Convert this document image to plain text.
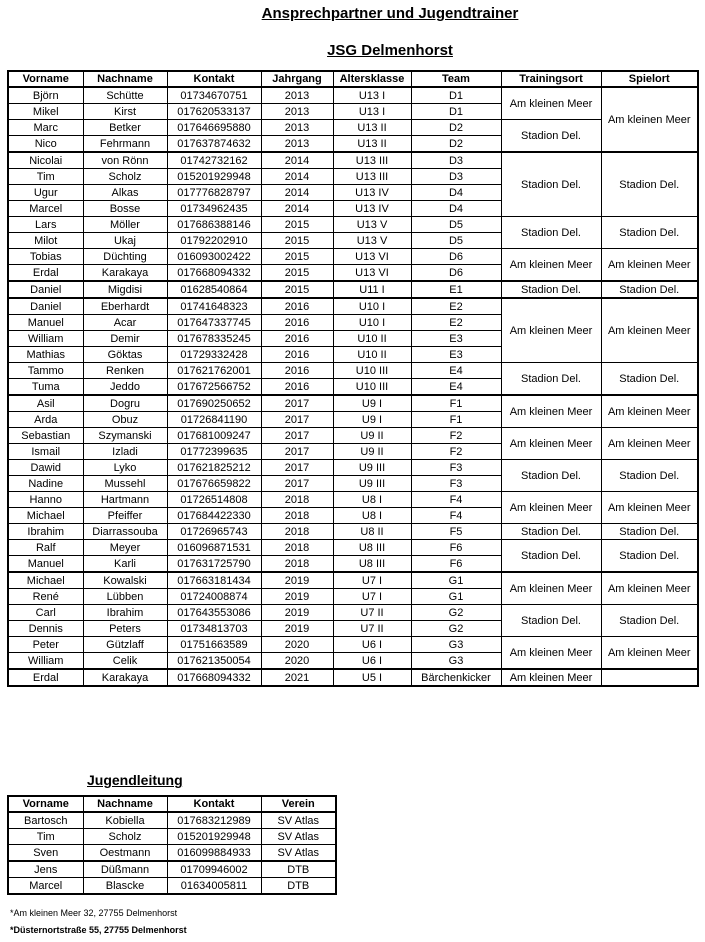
Ansprechpartner und Jugendtrainer
JSG Delmenhorst
Vorname	Nachname	Kontakt	Jahrgang	Altersklasse	Team	Trainingsort	Spielort
Björn	Schütte	01734670751	2013	U13 I	D1	Am kleinen Meer	Am kleinen Meer
Mikel	Kirst	017620533137	2013	U13 I	D1		
Marc	Betker	017646695880	2013	U13 II	D2	Stadion Del.	
Nico	Fehrmann	017637874632	2013	U13 II	D2		
Nicolai	von Rönn	01742732162	2014	U13 III	D3	Stadion Del.	Stadion Del.
Tim	Scholz	015201929948	2014	U13 III	D3		
Ugur	Alkas	017776828797	2014	U13 IV	D4		
Marcel	Bosse	01734962435	2014	U13 IV	D4		
Lars	Möller	017686388146	2015	U13 V	D5	Stadion Del.	Stadion Del.
Milot	Ukaj	01792202910	2015	U13 V	D5		
Tobias	Düchting	016093002422	2015	U13 VI	D6	Am kleinen Meer	Am kleinen Meer
Erdal	Karakaya	017668094332	2015	U13 VI	D6		
Daniel	Migdisi	01628540864	2015	U11 I	E1	Stadion Del.	Stadion Del.
Daniel	Eberhardt	01741648323	2016	U10 I	E2	Am kleinen Meer	Am kleinen Meer
Manuel	Acar	017647337745	2016	U10 I	E2		
William	Demir	017678335245	2016	U10 II	E3		
Mathias	Göktas	01729332428	2016	U10 II	E3		
Tammo	Renken	017621762001	2016	U10 III	E4	Stadion Del.	Stadion Del.
Tuma	Jeddo	017672566752	2016	U10 III	E4		
Asil	Dogru	017690250652	2017	U9 I	F1	Am kleinen Meer	Am kleinen Meer
Arda	Obuz	01726841190	2017	U9 I	F1		
Sebastian	Szymanski	017681009247	2017	U9 II	F2	Am kleinen Meer	Am kleinen Meer
Ismail	Izladi	01772399635	2017	U9 II	F2		
Dawid	Lyko	017621825212	2017	U9 III	F3	Stadion Del.	Stadion Del.
Nadine	Mussehl	017676659822	2017	U9 III	F3		
Hanno	Hartmann	01726514808	2018	U8 I	F4	Am kleinen Meer	Am kleinen Meer
Michael	Pfeiffer	017684422330	2018	U8 I	F4		
Ibrahim	Diarrassouba	01726965743	2018	U8 II	F5	Stadion Del.	Stadion Del.
Ralf	Meyer	016096871531	2018	U8 III	F6	Stadion Del.	Stadion Del.
Manuel	Karli	017631725790	2018	U8 III	F6		
Michael	Kowalski	017663181434	2019	U7 I	G1	Am kleinen Meer	Am kleinen Meer
René	Lübben	01724008874	2019	U7 I	G1		
Carl	Ibrahim	017643553086	2019	U7 II	G2	Stadion Del.	Stadion Del.
Dennis	Peters	01734813703	2019	U7 II	G2		
Peter	Gützlaff	01751663589	2020	U6 I	G3	Am kleinen Meer	Am kleinen Meer
William	Celik	017621350054	2020	U6 I	G3		
Erdal	Karakaya	017668094332	2021	U5 I	Bärchenkicker	Am kleinen Meer	
Jugendleitung
Vorname	Nachname	Kontakt	Verein
Bartosch	Kobiella	017683212989	SV Atlas
Tim	Scholz	015201929948	SV Atlas
Sven	Oestmann	016099884933	SV Atlas
Jens	Düßmann	01709946002	DTB
Marcel	Blascke	01634005811	DTB
*Am kleinen Meer 32, 27755 Delmenhorst
*Düsternortstraße 55, 27755 Delmenhorst
